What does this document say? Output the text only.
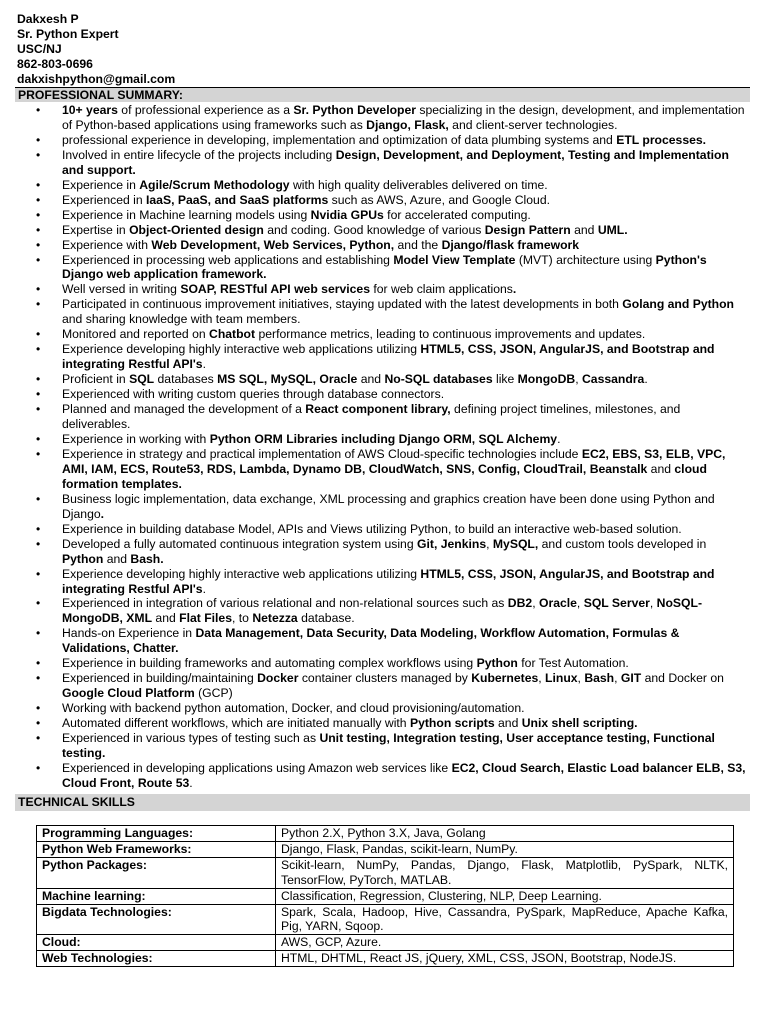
Dakxesh P
Sr. Python Expert
USC/NJ
862-803-0696
dakxishpython@gmail.com
PROFESSIONAL SUMMARY:
• 10+ years of professional experience as a Sr. Python Developer specializing in the design, development, and implementation of Python-based applications using frameworks such as Django, Flask, and client-server technologies.
• professional experience in developing, implementation and optimization of data plumbing systems and ETL processes.
• Involved in entire lifecycle of the projects including Design, Development, and Deployment, Testing and Implementation and support.
• Experience in Agile/Scrum Methodology with high quality deliverables delivered on time.
• Experienced in IaaS, PaaS, and SaaS platforms such as AWS, Azure, and Google Cloud.
• Experience in Machine learning models using Nvidia GPUs for accelerated computing.
• Expertise in Object-Oriented design and coding. Good knowledge of various Design Pattern and UML.
• Experience with Web Development, Web Services, Python, and the Django/flask framework
• Experienced in processing web applications and establishing Model View Template (MVT) architecture using Python's Django web application framework.
• Well versed in writing SOAP, RESTful API web services for web claim applications.
• Participated in continuous improvement initiatives, staying updated with the latest developments in both Golang and Python and sharing knowledge with team members.
• Monitored and reported on Chatbot performance metrics, leading to continuous improvements and updates.
• Experience developing highly interactive web applications utilizing HTML5, CSS, JSON, AngularJS, and Bootstrap and integrating Restful API's.
• Proficient in SQL databases MS SQL, MySQL, Oracle and No-SQL databases like MongoDB, Cassandra.
• Experienced with writing custom queries through database connectors.
• Planned and managed the development of a React component library, defining project timelines, milestones, and deliverables.
• Experience in working with Python ORM Libraries including Django ORM, SQL Alchemy.
• Experience in strategy and practical implementation of AWS Cloud-specific technologies include EC2, EBS, S3, ELB, VPC, AMI, IAM, ECS, Route53, RDS, Lambda, Dynamo DB, CloudWatch, SNS, Config, CloudTrail, Beanstalk and cloud formation templates.
• Business logic implementation, data exchange, XML processing and graphics creation have been done using Python and Django.
• Experience in building database Model, APIs and Views utilizing Python, to build an interactive web-based solution.
• Developed a fully automated continuous integration system using Git, Jenkins, MySQL, and custom tools developed in Python and Bash.
• Experience developing highly interactive web applications utilizing HTML5, CSS, JSON, AngularJS, and Bootstrap and integrating Restful API's.
• Experienced in integration of various relational and non-relational sources such as DB2, Oracle, SQL Server, NoSQL-MongoDB, XML and Flat Files, to Netezza database.
• Hands-on Experience in Data Management, Data Security, Data Modeling, Workflow Automation, Formulas & Validations, Chatter.
• Experience in building frameworks and automating complex workflows using Python for Test Automation.
• Experienced in building/maintaining Docker container clusters managed by Kubernetes, Linux, Bash, GIT and Docker on Google Cloud Platform (GCP)
• Working with backend python automation, Docker, and cloud provisioning/automation.
• Automated different workflows, which are initiated manually with Python scripts and Unix shell scripting.
• Experienced in various types of testing such as Unit testing, Integration testing, User acceptance testing, Functional testing.
• Experienced in developing applications using Amazon web services like EC2, Cloud Search, Elastic Load balancer ELB, S3, Cloud Front, Route 53.
TECHNICAL SKILLS
Programming Languages:	Python 2.X, Python 3.X, Java, Golang
Python Web Frameworks:	Django, Flask, Pandas, scikit-learn, NumPy.
Python Packages:	Scikit-learn, NumPy, Pandas, Django, Flask, Matplotlib, PySpark, NLTK, TensorFlow, PyTorch, MATLAB.
Machine learning:	Classification, Regression, Clustering, NLP, Deep Learning.
Bigdata Technologies:	Spark, Scala, Hadoop, Hive, Cassandra, PySpark, MapReduce, Apache Kafka, Pig, YARN, Sqoop.
Cloud:	AWS, GCP, Azure.
Web Technologies:	HTML, DHTML, React JS, jQuery, XML, CSS, JSON, Bootstrap, NodeJS.
